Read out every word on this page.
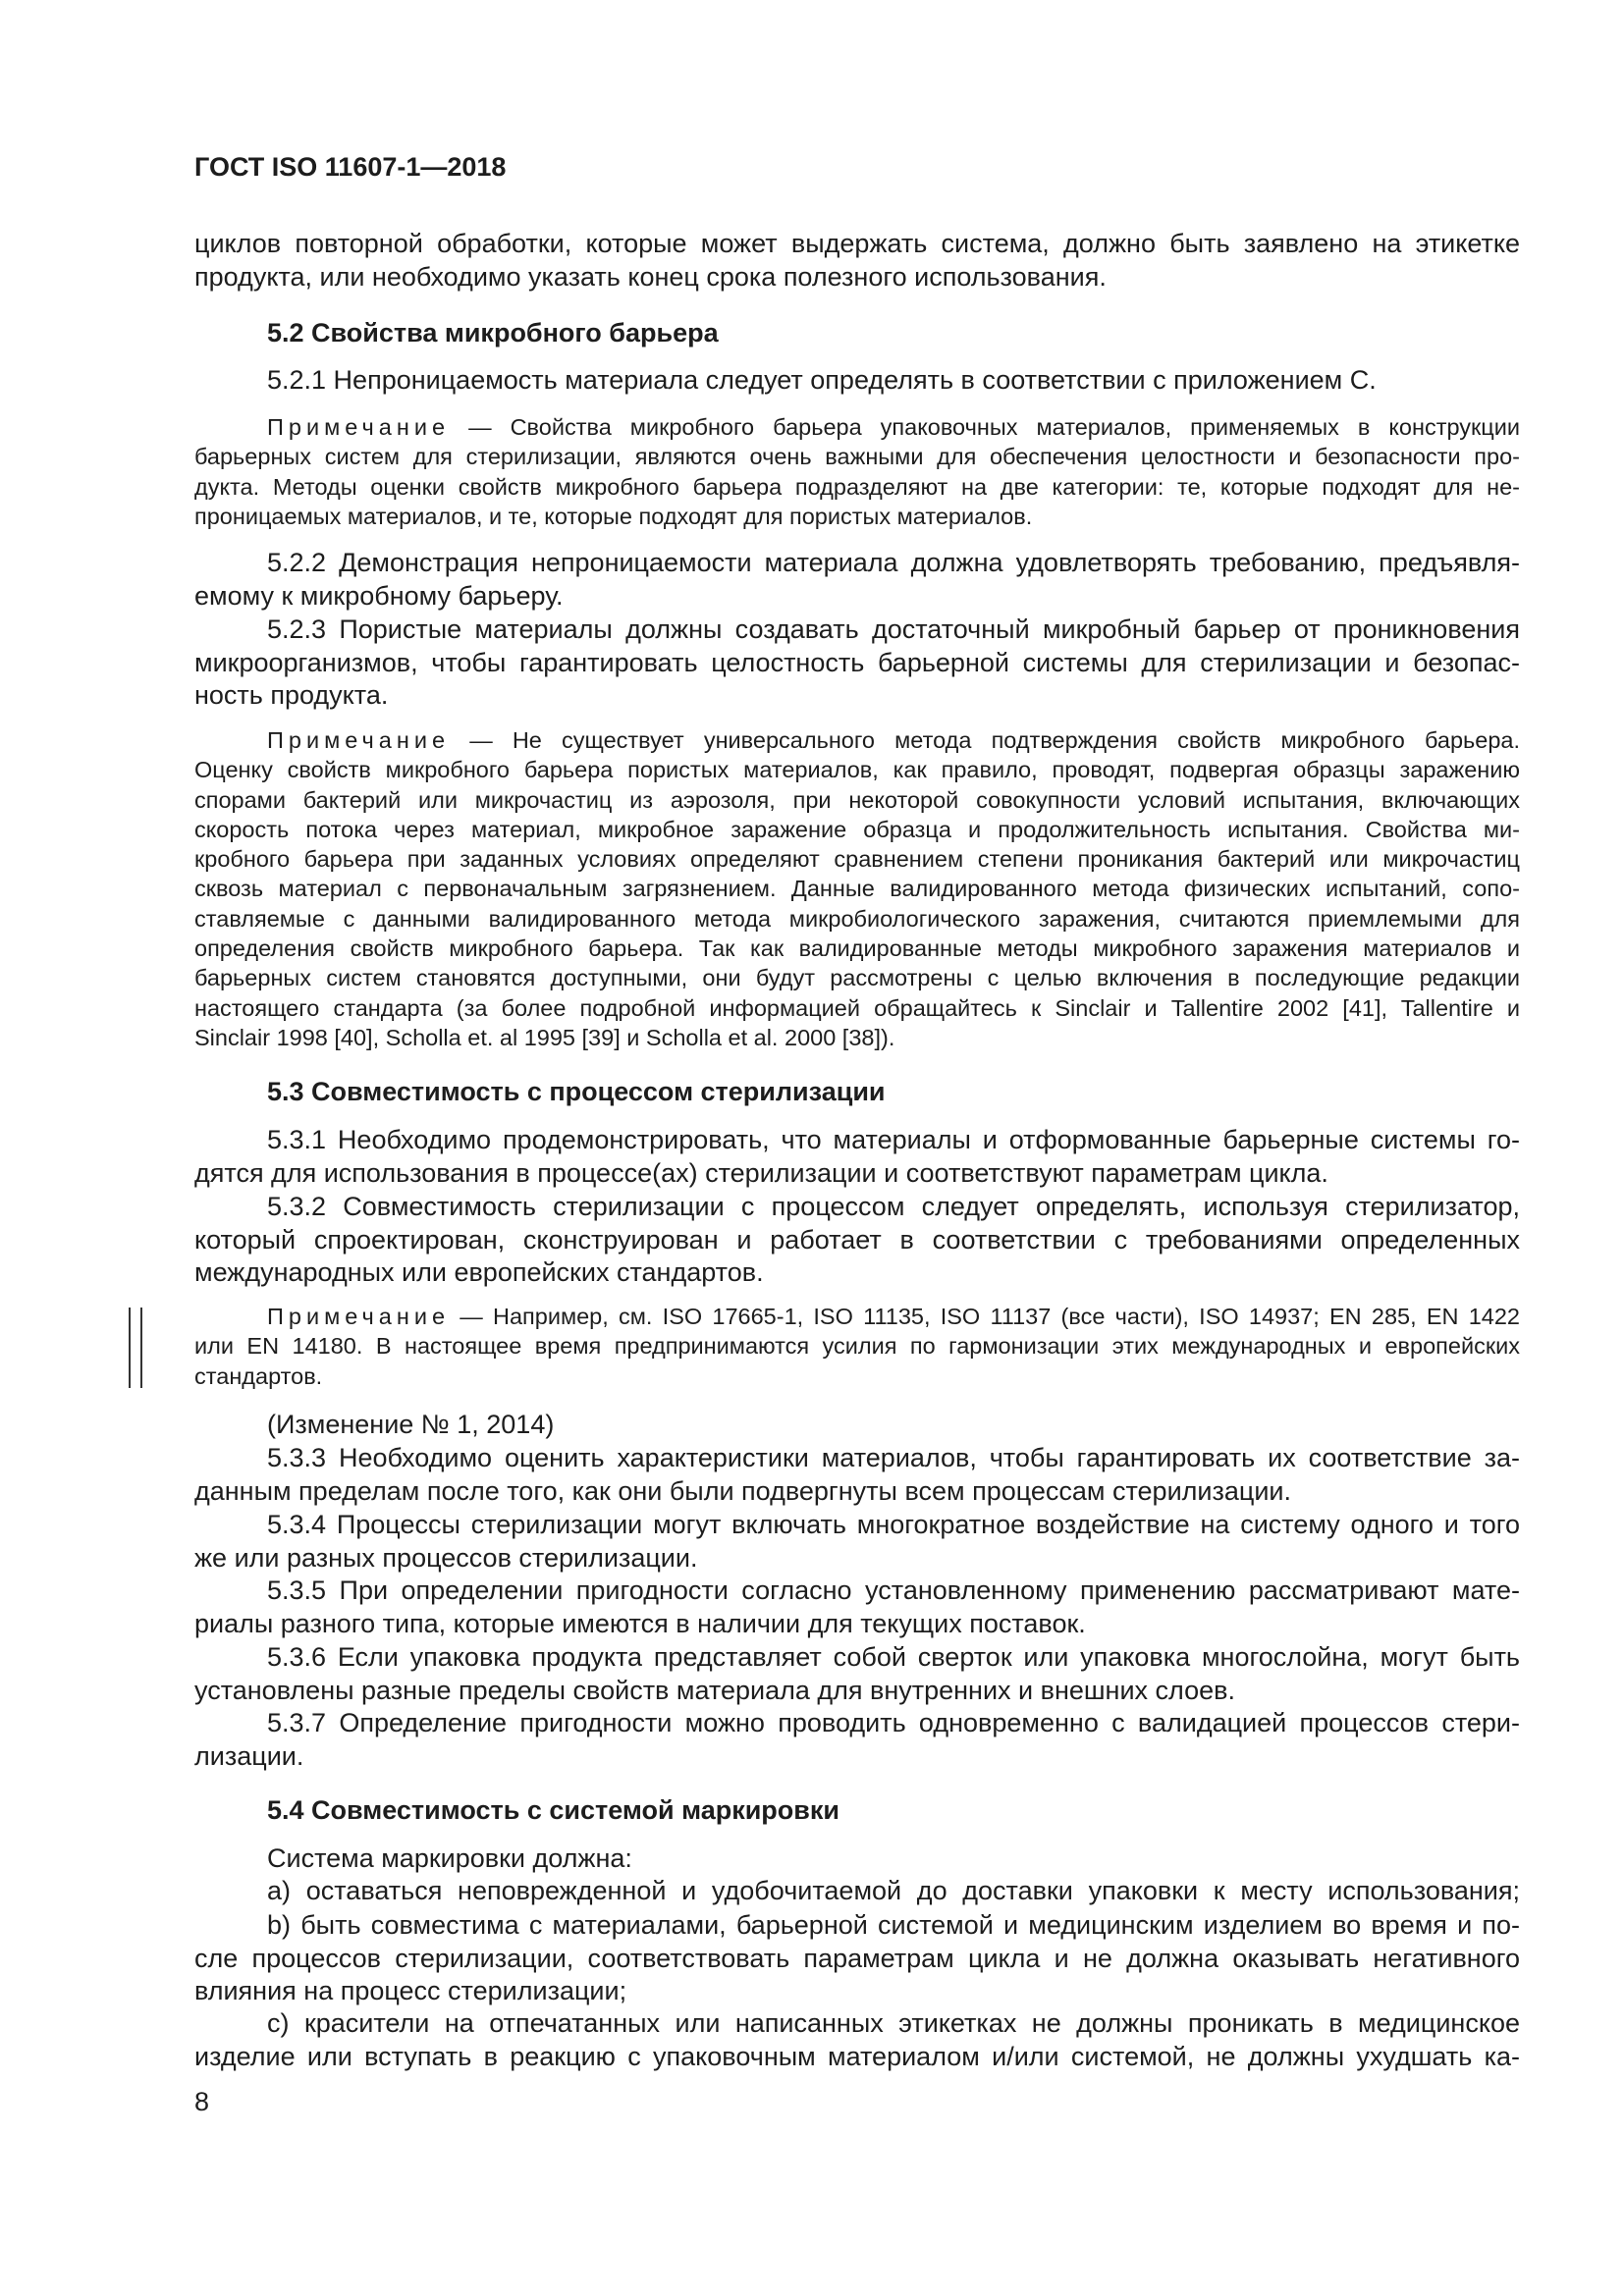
ГОСТ ISO 11607-1—2018
циклов повторной обработки, которые может выдержать система, должно быть заявлено на этикетке
продукта, или необходимо указать конец срока полезного использования.
5.2 Свойства микробного барьера
5.2.1 Непроницаемость материала следует определять в соответствии с приложением C.
Примечание — Свойства микробного барьера упаковочных материалов, применяемых в конструкции
барьерных систем для стерилизации, являются очень важными для обеспечения целостности и безопасности про-
дукта. Методы оценки свойств микробного барьера подразделяют на две категории: те, которые подходят для не-
проницаемых материалов, и те, которые подходят для пористых материалов.
5.2.2 Демонстрация непроницаемости материала должна удовлетворять требованию, предъявля-
емому к микробному барьеру.
5.2.3 Пористые материалы должны создавать достаточный микробный барьер от проникновения
микроорганизмов, чтобы гарантировать целостность барьерной системы для стерилизации и безопас-
ность продукта.
Примечание — Не существует универсального метода подтверждения свойств микробного барьера.
Оценку свойств микробного барьера пористых материалов, как правило, проводят, подвергая образцы заражению
спорами бактерий или микрочастиц из аэрозоля, при некоторой совокупности условий испытания, включающих
скорость потока через материал, микробное заражение образца и продолжительность испытания. Свойства ми-
кробного барьера при заданных условиях определяют сравнением степени проникания бактерий или микрочастиц
сквозь материал с первоначальным загрязнением. Данные валидированного метода физических испытаний, сопо-
ставляемые с данными валидированного метода микробиологического заражения, считаются приемлемыми для
определения свойств микробного барьера. Так как валидированные методы микробного заражения материалов и
барьерных систем становятся доступными, они будут рассмотрены с целью включения в последующие редакции
настоящего стандарта (за более подробной информацией обращайтесь к Sinclair и Tallentire 2002 [41], Tallentire и
Sinclair 1998 [40], Scholla et. al 1995 [39] и Scholla et al. 2000 [38]).
5.3 Совместимость с процессом стерилизации
5.3.1 Необходимо продемонстрировать, что материалы и отформованные барьерные системы го-
дятся для использования в процессе(ах) стерилизации и соответствуют параметрам цикла.
5.3.2 Совместимость стерилизации с процессом следует определять, используя стерилизатор,
который спроектирован, сконструирован и работает в соответствии с требованиями определенных
международных или европейских стандартов.
Примечание — Например, см. ISO 17665-1, ISO 11135, ISO 11137 (все части), ISO 14937; EN 285, EN 1422
или EN 14180. В настоящее время предпринимаются усилия по гармонизации этих международных и европейских
стандартов.
(Изменение № 1, 2014)
5.3.3 Необходимо оценить характеристики материалов, чтобы гарантировать их соответствие за-
данным пределам после того, как они были подвергнуты всем процессам стерилизации.
5.3.4 Процессы стерилизации могут включать многократное воздействие на систему одного и того
же или разных процессов стерилизации.
5.3.5 При определении пригодности согласно установленному применению рассматривают мате-
риалы разного типа, которые имеются в наличии для текущих поставок.
5.3.6 Если упаковка продукта представляет собой сверток или упаковка многослойна, могут быть
установлены разные пределы свойств материала для внутренних и внешних слоев.
5.3.7 Определение пригодности можно проводить одновременно с валидацией процессов стери-
лизации.
5.4 Совместимость с системой маркировки
Система маркировки должна:
a) оставаться неповрежденной и удобочитаемой до доставки упаковки к месту использования;
b) быть совместима с материалами, барьерной системой и медицинским изделием во время и по-
сле процессов стерилизации, соответствовать параметрам цикла и не должна оказывать негативного
влияния на процесс стерилизации;
c) красители на отпечатанных или написанных этикетках не должны проникать в медицинское
изделие или вступать в реакцию с упаковочным материалом и/или системой, не должны ухудшать ка-
8
